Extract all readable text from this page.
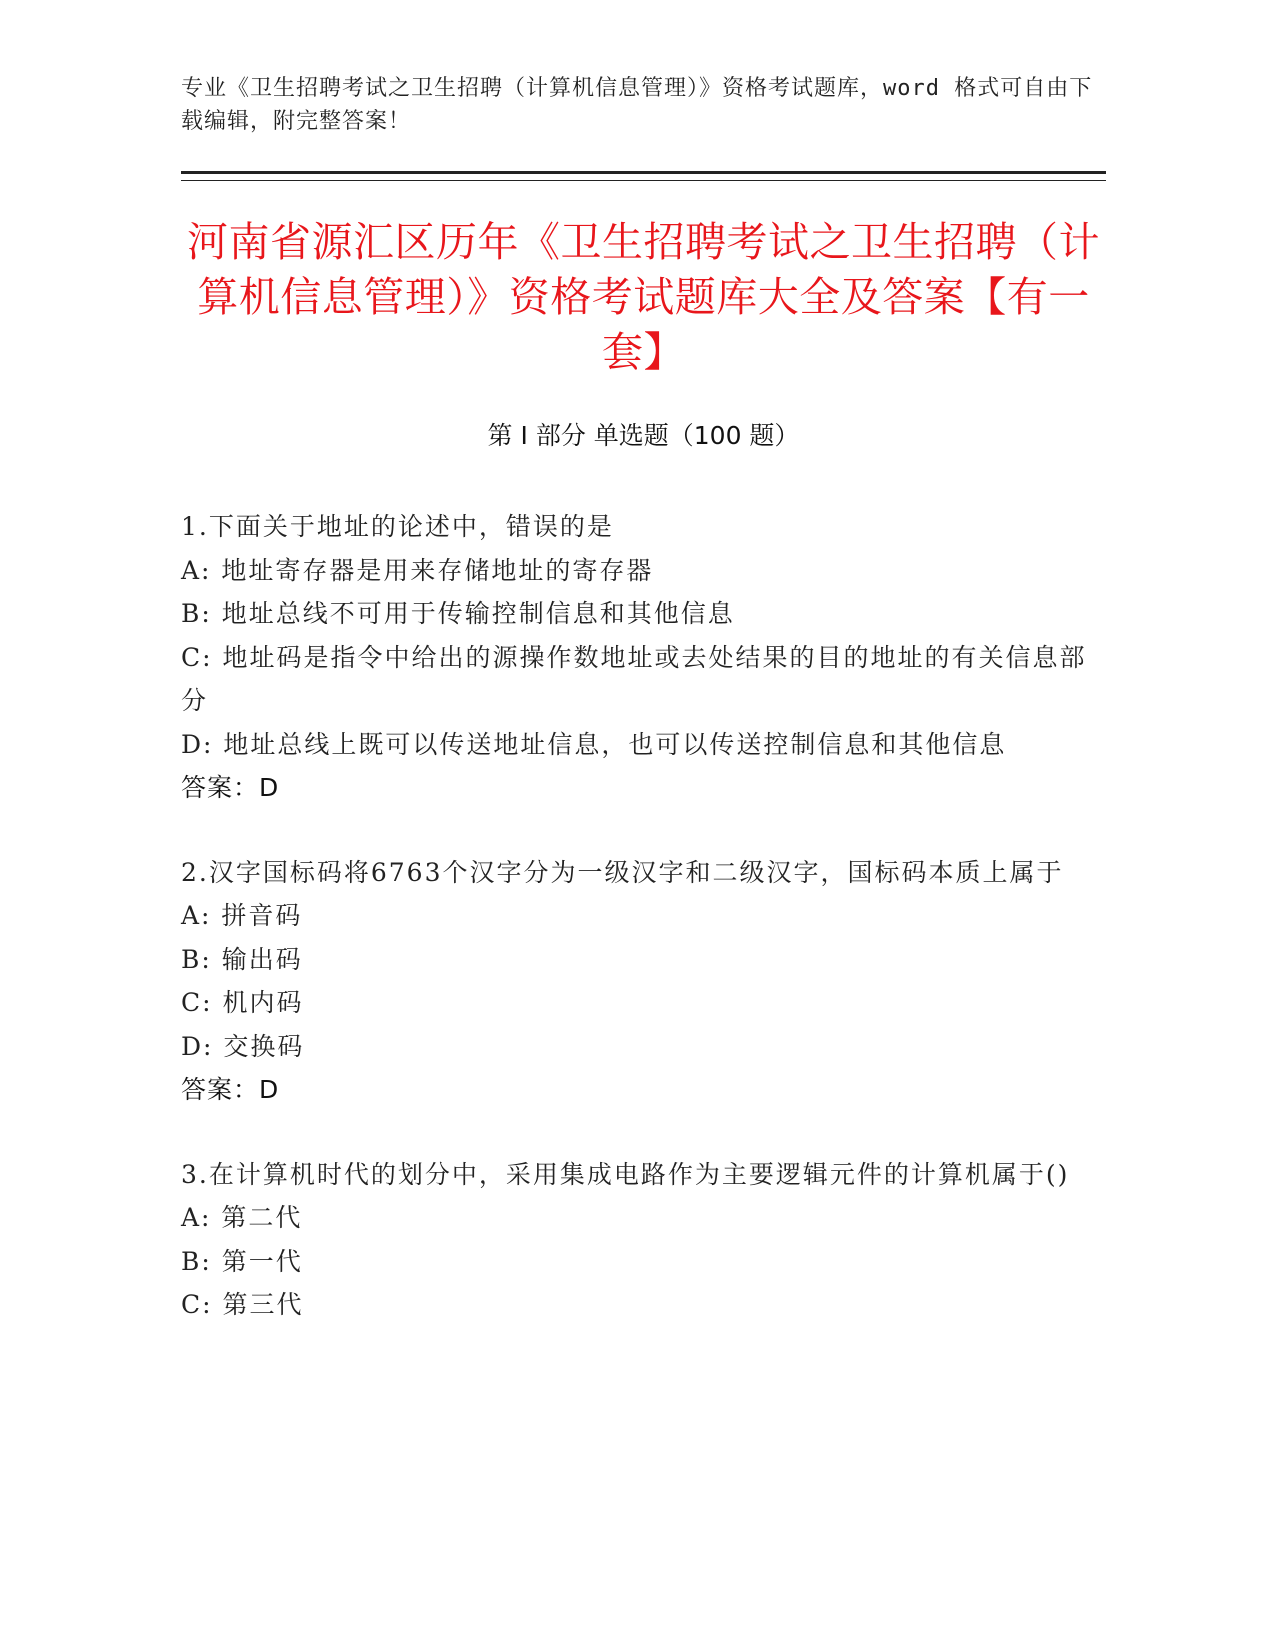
专业《卫生招聘考试之卫生招聘（计算机信息管理）》资格考试题库，word 格式可自由下载编辑，附完整答案！

河南省源汇区历年《卫生招聘考试之卫生招聘（计算机信息管理）》资格考试题库大全及答案【有一套】
第 I 部分 单选题（100 题）

1.下面关于地址的论述中，错误的是

A: 地址寄存器是用来存储地址的寄存器

B: 地址总线不可用于传输控制信息和其他信息

C: 地址码是指令中给出的源操作数地址或去处结果的目的地址的有关信息部分

D: 地址总线上既可以传送地址信息，也可以传送控制信息和其他信息

答案：D

2.汉字国标码将6763个汉字分为一级汉字和二级汉字，国标码本质上属于

A: 拼音码

B: 输出码

C: 机内码

D: 交换码

答案：D

3.在计算机时代的划分中，采用集成电路作为主要逻辑元件的计算机属于()

A: 第二代

B: 第一代

C: 第三代
